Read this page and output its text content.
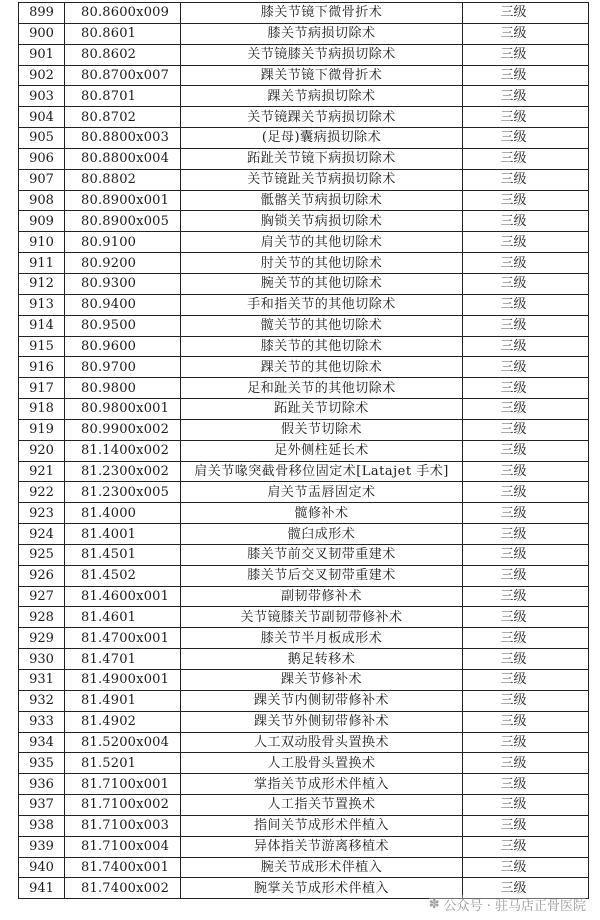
899	80.8600x009	膝关节镜下微骨折术	三级
900	80.8601	膝关节病损切除术	三级
901	80.8602	关节镜膝关节病损切除术	三级
902	80.8700x007	踝关节镜下微骨折术	三级
903	80.8701	踝关节病损切除术	三级
904	80.8702	关节镜踝关节病损切除术	三级
905	80.8800x003	(足母)囊病损切除术	三级
906	80.8800x004	跖趾关节镜下病损切除术	三级
907	80.8802	关节镜趾关节病损切除术	三级
908	80.8900x001	骶髂关节病损切除术	三级
909	80.8900x005	胸锁关节病损切除术	三级
910	80.9100	肩关节的其他切除术	三级
911	80.9200	肘关节的其他切除术	三级
912	80.9300	腕关节的其他切除术	三级
913	80.9400	手和指关节的其他切除术	三级
914	80.9500	髋关节的其他切除术	三级
915	80.9600	膝关节的其他切除术	三级
916	80.9700	踝关节的其他切除术	三级
917	80.9800	足和趾关节的其他切除术	三级
918	80.9800x001	跖趾关节切除术	三级
919	80.9900x002	假关节切除术	三级
920	81.1400x002	足外侧柱延长术	三级
921	81.2300x002	肩关节喙突截骨移位固定术[Latajet 手术]	三级
922	81.2300x005	肩关节盂唇固定术	三级
923	81.4000	髋修补术	三级
924	81.4001	髋臼成形术	三级
925	81.4501	膝关节前交叉韧带重建术	三级
926	81.4502	膝关节后交叉韧带重建术	三级
927	81.4600x001	副韧带修补术	三级
928	81.4601	关节镜膝关节副韧带修补术	三级
929	81.4700x001	膝关节半月板成形术	三级
930	81.4701	鹅足转移术	三级
931	81.4900x001	踝关节修补术	三级
932	81.4901	踝关节内侧韧带修补术	三级
933	81.4902	踝关节外侧韧带修补术	三级
934	81.5200x004	人工双动股骨头置换术	三级
935	81.5201	人工股骨头置换术	三级
936	81.7100x001	掌指关节成形术伴植入	三级
937	81.7100x002	人工指关节置换术	三级
938	81.7100x003	指间关节成形术伴植入	三级
939	81.7100x004	异体指关节游离移植术	三级
940	81.7400x001	腕关节成形术伴植入	三级
941	81.7400x002	腕掌关节成形术伴植入	三级
✽ 公众号 · 驻马店正骨医院
